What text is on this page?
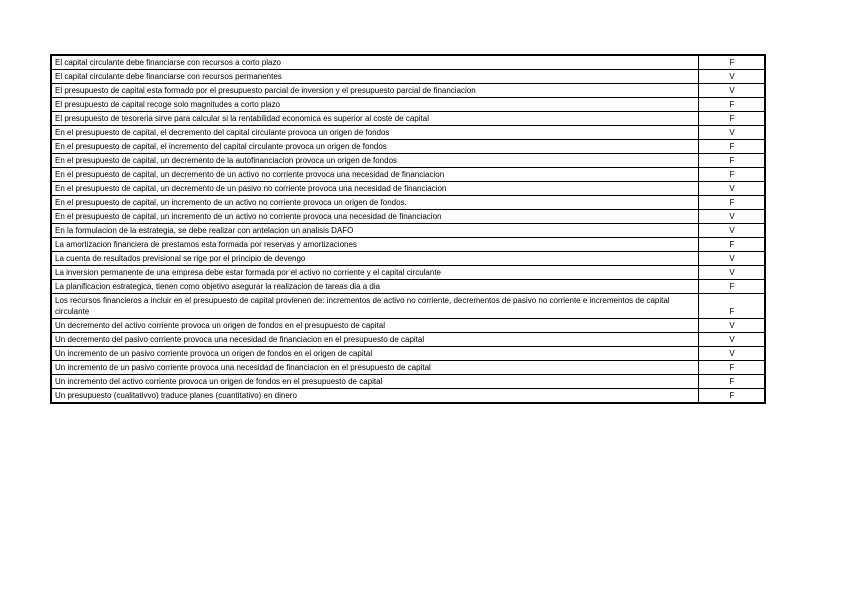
El capital circulante debe financiarse con recursos a corto plazo	F
El capital circulante debe financiarse con recursos permanentes	V
El presupuesto de capital esta formado por el presupuesto parcial de inversion y el presupuesto parcial de financiacion	V
El presupuesto de capital recoge solo magnitudes a corto plazo	F
El presupuesto de tesoreria sirve para calcular si la rentabilidad economica es superior al coste de capital	F
En el presupuesto de capital, el decremento del capital circulante provoca un origen de fondos	V
En el presupuesto de capital, el incremento del capital circulante provoca un origen de fondos	F
En el presupuesto de capital, un decremento de la autofinanciacion provoca un origen de fondos	F
En el presupuesto de capital, un decremento de un activo no corriente provoca una necesidad de financiacion	F
En el presupuesto de capital, un decremento de un pasivo no corriente provoca una necesidad de financiacion	V
En el presupuesto de capital, un incremento de un activo no corriente provoca un origen de fondos.	F
En el presupuesto de capital, un incremento de un activo no corriente provoca una necesidad de financiacion	V
En la formulacion de la estrategia, se debe realizar con antelacion un analisis DAFO	V
La amortizacion financiera de prestamos esta formada por reservas y amortizaciones	F
La cuenta de resultados previsional se rige por el principio de devengo	V
La inversion permanente de una empresa debe estar formada por el activo no corriente y el capital circulante	V
La planificacion estrategica, tienen como objetivo asegurar la realizacion de tareas dia a dia	F
Los recursos financieros a incluir en el presupuesto de capital provienen de: incrementos de activo no corriente, decrementos de pasivo no corriente e incrementos de capital circulante	F
Un decremento del activo corriente provoca un origen de fondos en el presupuesto de capital	V
Un decremento del pasivo corriente provoca una necesidad de financiacion en el presupuesto de capital	V
Un incremento de un pasivo corriente provoca un origen de fondos en el origen de capital	V
Un incremento de un pasivo corriente provoca una necesidad de financiacion en el presupuesto de capital	F
Un incremento del activo corriente provoca un origen de fondos en el presupuesto de capital	F
Un presupuesto (cualitativvo) traduce planes (cuantitativo) en dinero	F
